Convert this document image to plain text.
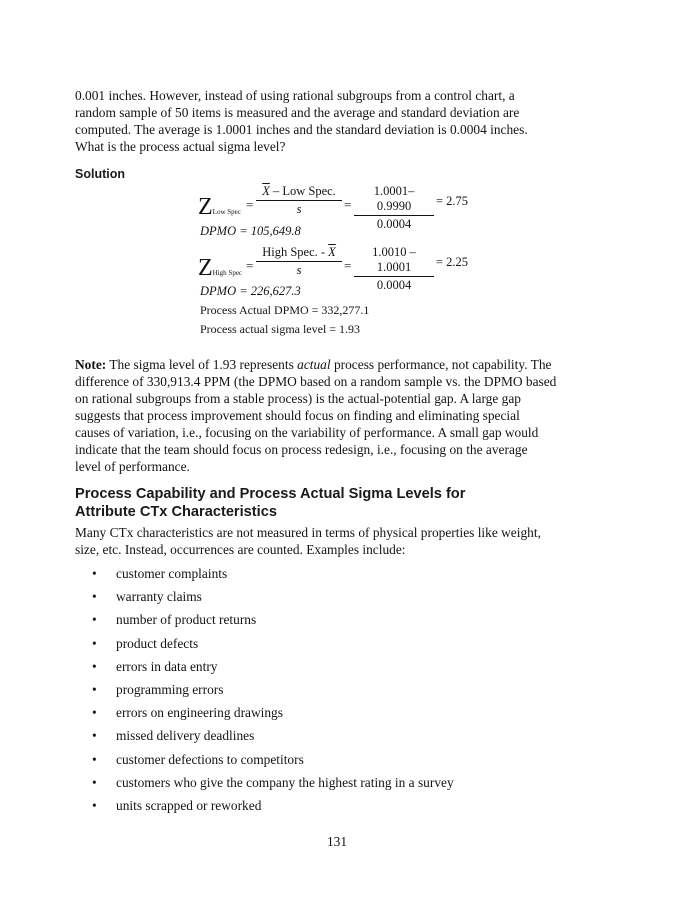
0.001 inches. However, instead of using rational subgroups from a control chart, a

random sample of 50 items is measured and the average and standard deviation are

computed. The average is 1.0001 inches and the standard deviation is 0.0004 inches.

What is the process actual sigma level?

Solution
ZLow Spec =
$\overline{X}$ – Low Spec.
s	= $\frac{1.0001- 0.9990}{0.0004} = 2.75$
DPMO = 105,649.8
ZHigh Spec =
High Spec. - $\overline{X}$
s	= $\frac{1.0010 - 1.0001}{0.0004} = 2.25$
DPMO = 226,627.3
Process Actual DPMO = 332,277.1
Process actual sigma level = 1.93

Note: The sigma level of 1.93 represents actual process performance, not capability. The

difference of 330,913.4 PPM (the DPMO based on a random sample vs. the DPMO based

on rational subgroups from a stable process) is the actual-potential gap. A large gap

suggests that process improvement should focus on finding and eliminating special

causes of variation, i.e., focusing on the variability of performance. A small gap would

indicate that the team should focus on process redesign, i.e., focusing on the average

level of performance.

Process Capability and Process Actual Sigma Levels for
Attribute CTx Characteristics

Many CTx characteristics are not measured in terms of physical properties like weight,

size, etc. Instead, occurrences are counted. Examples include:

• customer complaints
• warranty claims
• number of product returns
• product defects
• errors in data entry
• programming errors
• errors on engineering drawings
• missed delivery deadlines
• customer defections to competitors
• customers who give the company the highest rating in a survey
• units scrapped or reworked
131
